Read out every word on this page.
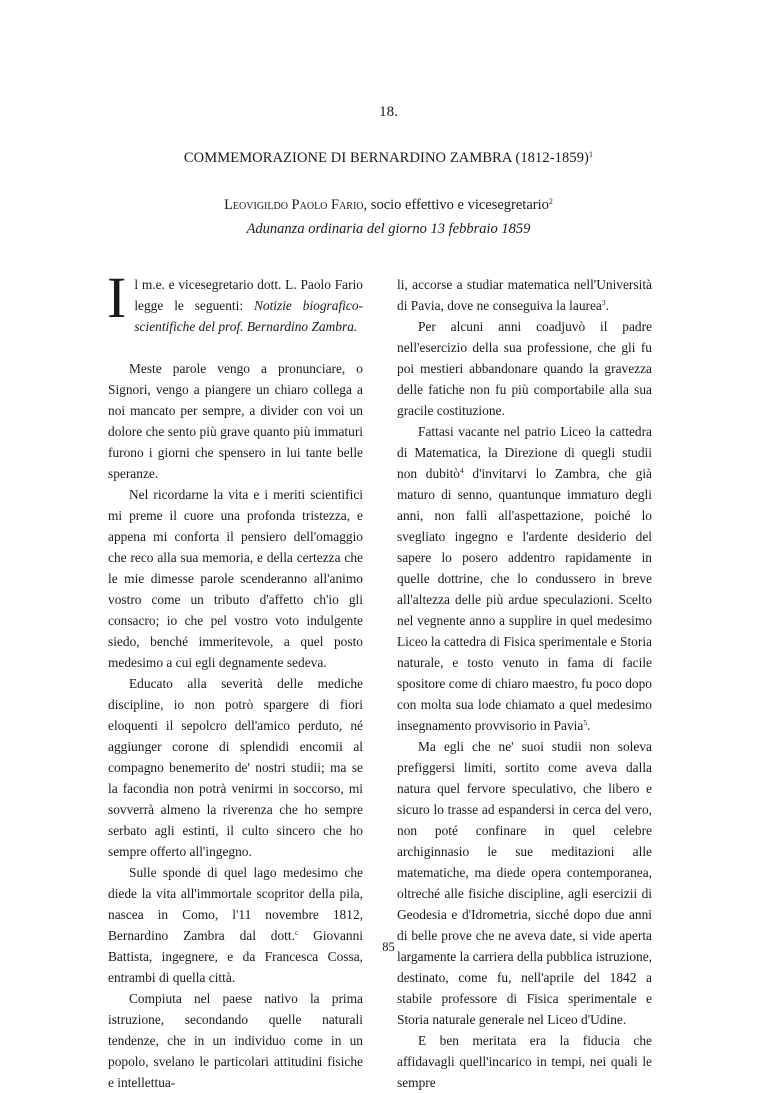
18.
COMMEMORAZIONE DI BERNARDINO ZAMBRA (1812-1859)$^1$
Leovigildo Paolo Fario, socio effettivo e vicesegretario$^2$
Adunanza ordinaria del giorno 13 febbraio 1859

Il m.e. e vicesegretario dott. L. Paolo Fario legge le seguenti: Notizie biografico-scientifiche del prof. Bernardino Zambra.

Meste parole vengo a pronunciare, o Signori, vengo a piangere un chiaro collega a noi mancato per sempre, a divider con voi un dolore che sento più grave quanto più immaturi furono i giorni che spensero in lui tante belle speranze.

Nel ricordarne la vita e i meriti scientifici mi preme il cuore una profonda tristezza, e appena mi conforta il pensiero dell'omaggio che reco alla sua memoria, e della certezza che le mie dimesse parole scenderanno all'animo vostro come un tributo d'affetto ch'io gli consacro; io che pel vostro voto indulgente siedo, benché immeritevole, a quel posto medesimo a cui egli degnamente sedeva.

Educato alla severità delle mediche discipline, io non potrò spargere di fiori eloquenti il sepolcro dell'amico perduto, né aggiunger corone di splendidi encomii al compagno benemerito de' nostri studii; ma se la facondia non potrà venirmi in soccorso, mi sovverrà almeno la riverenza che ho sempre serbato agli estinti, il culto sincero che ho sempre offerto all'ingegno.

Sulle sponde di quel lago medesimo che diede la vita all'immortale scopritor della pila, nascea in Como, l'11 novembre 1812, Bernardino Zambra dal dott.$^c$ Giovanni Battista, ingegnere, e da Francesca Cossa, entrambi di quella città.

Compiuta nel paese nativo la prima istruzione, secondando quelle naturali tendenze, che in un individuo come in un popolo, svelano le particolari attitudini fisiche e intellettua-

li, accorse a studiar matematica nell'Università di Pavia, dove ne conseguiva la laurea$^3$.

Per alcuni anni coadjuvò il padre nell'esercizio della sua professione, che gli fu poi mestieri abbandonare quando la gravezza delle fatiche non fu più comportabile alla sua gracile costituzione.

Fattasi vacante nel patrio Liceo la cattedra di Matematica, la Direzione di quegli studii non dubitò$^4$ d'invitarvi lo Zambra, che già maturo di senno, quantunque immaturo degli anni, non fallì all'aspettazione, poiché lo svegliato ingegno e l'ardente desiderio del sapere lo posero addentro rapidamente in quelle dottrine, che lo condussero in breve all'altezza delle più ardue speculazioni. Scelto nel vegnente anno a supplire in quel medesimo Liceo la cattedra di Fisica sperimentale e Storia naturale, e tosto venuto in fama di facile spositore come di chiaro maestro, fu poco dopo con molta sua lode chiamato a quel medesimo insegnamento provvisorio in Pavia$^5$.

Ma egli che ne' suoi studii non soleva prefiggersi limiti, sortito come aveva dalla natura quel fervore speculativo, che libero e sicuro lo trasse ad espandersi in cerca del vero, non poté confinare in quel celebre archiginnasio le sue meditazioni alle matematiche, ma diede opera contemporanea, oltreché alle fisiche discipline, agli esercizii di Geodesia e d'Idrometria, sicché dopo due anni di belle prove che ne aveva date, si vide aperta largamente la carriera della pubblica istruzione, destinato, come fu, nell'aprile del 1842 a stabile professore di Fisica sperimentale e Storia naturale generale nel Liceo d'Udine.

E ben meritata era la fiducia che affidavagli quell'incarico in tempi, nei quali le sempre

85
